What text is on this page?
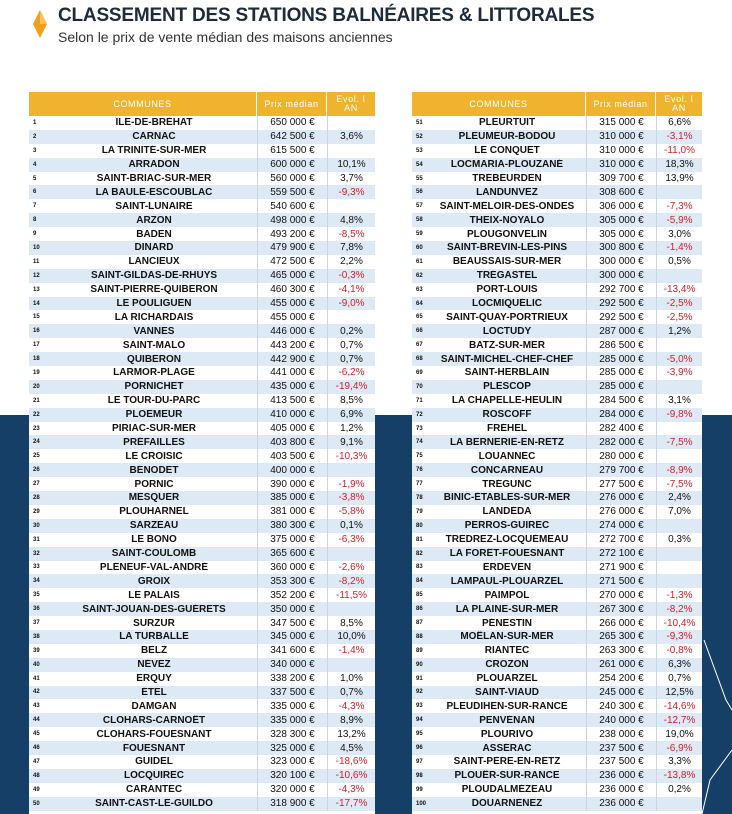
CLASSEMENT DES STATIONS BALNÉAIRES & LITTORALES
Selon le prix de vente médian des maisons anciennes
COMMUNES	Prix médian	Evol. I
AN
1	ÎLE-DE-BRÉHAT	650 000 €
2	CARNAC	642 500 €	3,6%
3	LA TRINITÉ-SUR-MER	615 500 €
4	ARRADON	600 000 €	10,1%
5	SAINT-BRIAC-SUR-MER	560 000 €	3,7%
6	LA BAULE-ESCOUBLAC	559 500 €	-9,3%
7	SAINT-LUNAIRE	540 600 €
8	ARZON	498 000 €	4,8%
9	BADEN	493 200 €	-8,5%
10	DINARD	479 900 €	7,8%
11	LANCIEUX	472 500 €	2,2%
12	SAINT-GILDAS-DE-RHUYS	465 000 €	-0,3%
13	SAINT-PIERRE-QUIBERON	460 300 €	-4,1%
14	LE POULIGUEN	455 000 €	-9,0%
15	LA RICHARDAIS	455 000 €
16	VANNES	446 000 €	0,2%
17	SAINT-MALO	443 200 €	0,7%
18	QUIBERON	442 900 €	0,7%
19	LARMOR-PLAGE	441 000 €	-6,2%
20	PORNICHET	435 000 €	-19,4%
21	LE TOUR-DU-PARC	413 500 €	8,5%
22	PLOEMEUR	410 000 €	6,9%
23	PIRIAC-SUR-MER	405 000 €	1,2%
24	PRÉFAILLES	403 800 €	9,1%
25	LE CROISIC	403 500 €	-10,3%
26	BÉNODET	400 000 €
27	PORNIC	390 000 €	-1,9%
28	MESQUER	385 000 €	-3,8%
29	PLOUHARNEL	381 000 €	-5,8%
30	SARZEAU	380 300 €	0,1%
31	LE BONO	375 000 €	-6,3%
32	SAINT-COULOMB	365 600 €
33	PLÉNEUF-VAL-ANDRÉ	360 000 €	-2,6%
34	GROIX	353 300 €	-8,2%
35	LE PALAIS	352 200 €	-11,5%
36	SAINT-JOUAN-DES-GUÉRETS	350 000 €
37	SURZUR	347 500 €	8,5%
38	LA TURBALLE	345 000 €	10,0%
39	BELZ	341 600 €	-1,4%
40	NÉVEZ	340 000 €
41	ERQUY	338 200 €	1,0%
42	ÉTEL	337 500 €	0,7%
43	DAMGAN	335 000 €	-4,3%
44	CLOHARS-CARNOËT	335 000 €	8,9%
45	CLOHARS-FOUESNANT	328 300 €	13,2%
46	FOUESNANT	325 000 €	4,5%
47	GUIDEL	323 000 €	-18,6%
48	LOCQUIREC	320 100 €	-10,6%
49	CARANTEC	320 000 €	-4,3%
50	SAINT-CAST-LE-GUILDO	318 900 €	-17,7%
COMMUNES	Prix médian	Evol. I
AN
51	PLEURTUIT	315 000 €	6,6%
52	PLEUMEUR-BODOU	310 000 €	-3,1%
53	LE CONQUET	310 000 €	-11,0%
54	LOCMARIA-PLOUZANÉ	310 000 €	18,3%
55	TRÉBEURDEN	309 700 €	13,9%
56	LANDUNVEZ	308 600 €
57	SAINT-MÉLOIR-DES-ONDES	306 000 €	-7,3%
58	THEIX-NOYALO	305 000 €	-5,9%
59	PLOUGONVELIN	305 000 €	3,0%
60	SAINT-BREVIN-LES-PINS	300 800 €	-1,4%
61	BEAUSSAIS-SUR-MER	300 000 €	0,5%
62	TRÉGASTEL	300 000 €
63	PORT-LOUIS	292 700 €	-13,4%
64	LOCMIQUÉLIC	292 500 €	-2,5%
65	SAINT-QUAY-PORTRIEUX	292 500 €	-2,5%
66	LOCTUDY	287 000 €	1,2%
67	BATZ-SUR-MER	286 500 €
68	SAINT-MICHEL-CHEF-CHEF	285 000 €	-5,0%
69	SAINT-HERBLAIN	285 000 €	-3,9%
70	PLESCOP	285 000 €
71	LA CHAPELLE-HEULIN	284 500 €	3,1%
72	ROSCOFF	284 000 €	-9,8%
73	FRÉHEL	282 400 €
74	LA BERNERIE-EN-RETZ	282 000 €	-7,5%
75	LOUANNEC	280 000 €
76	CONCARNEAU	279 700 €	-8,9%
77	TRÉGUNC	277 500 €	-7,5%
78	BINIC-ÉTABLES-SUR-MER	276 000 €	2,4%
79	LANDÉDA	276 000 €	7,0%
80	PERROS-GUIREC	274 000 €
81	TRÉDREZ-LOCQUÉMEAU	272 700 €	0,3%
82	LA FORÊT-FOUESNANT	272 100 €
83	ERDEVEN	271 900 €
84	LAMPAUL-PLOUARZEL	271 500 €
85	PAIMPOL	270 000 €	-1,3%
86	LA PLAINE-SUR-MER	267 300 €	-8,2%
87	PÉNESTIN	266 000 €	-10,4%
88	MOËLAN-SUR-MER	265 300 €	-9,3%
89	RIANTEC	263 300 €	-0,8%
90	CROZON	261 000 €	6,3%
91	PLOUARZEL	254 200 €	0,7%
92	SAINT-VIAUD	245 000 €	12,5%
93	PLEUDIHEN-SUR-RANCE	240 300 €	-14,6%
94	PENVÉNAN	240 000 €	-12,7%
95	PLOURIVO	238 000 €	19,0%
96	ASSÉRAC	237 500 €	-6,9%
97	SAINT-PÈRE-EN-RETZ	237 500 €	3,3%
98	PLOUËR-SUR-RANCE	236 000 €	-13,8%
99	PLOUDALMÉZEAU	236 000 €	0,2%
100	DOUARNENEZ	236 000 €
